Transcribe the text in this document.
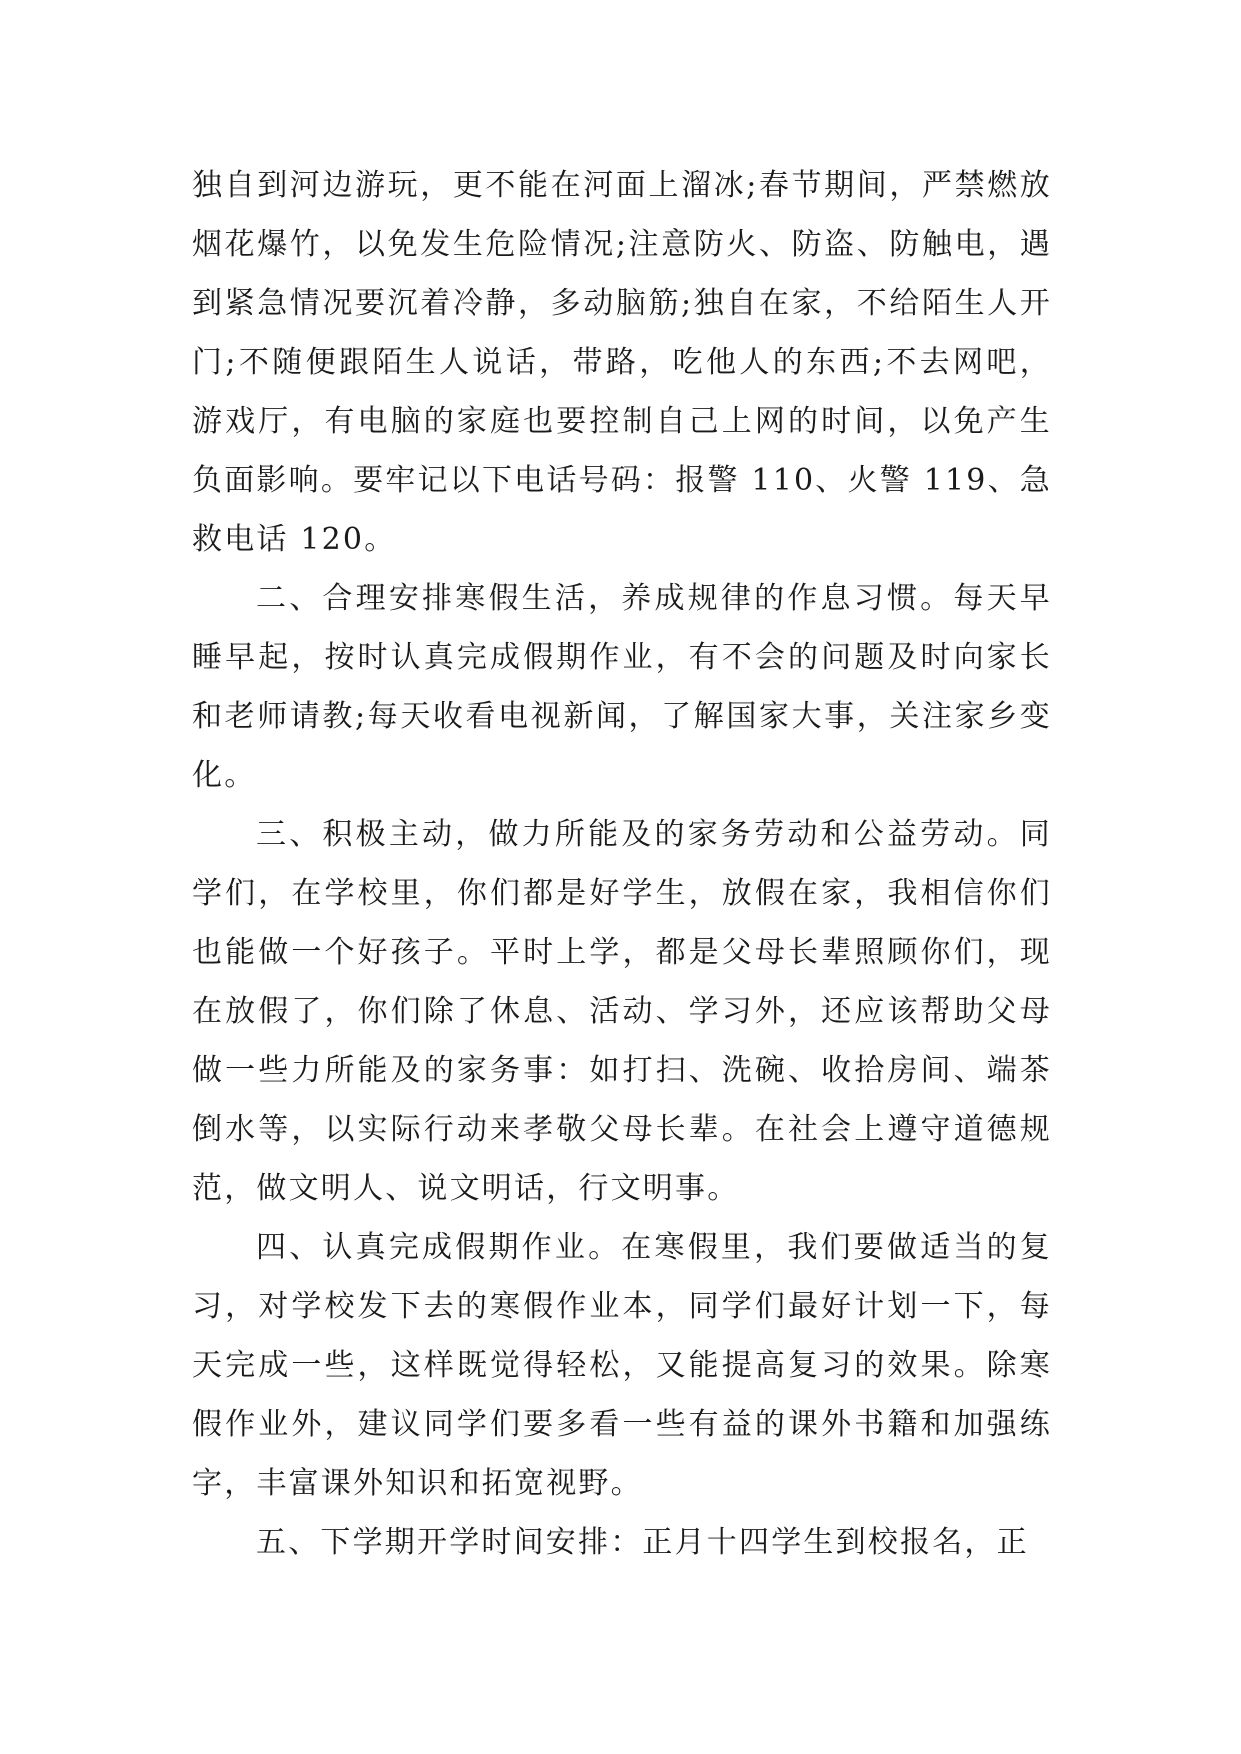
独自到河边游玩，更不能在河面上溜冰;春节期间，严禁燃放烟花爆竹，以免发生危险情况;注意防火、防盗、防触电，遇到紧急情况要沉着冷静，多动脑筋;独自在家，不给陌生人开门;不随便跟陌生人说话，带路，吃他人的东西;不去网吧，游戏厅，有电脑的家庭也要控制自己上网的时间，以免产生负面影响。要牢记以下电话号码：报警 110、火警 119、急救电话 120。

二、合理安排寒假生活，养成规律的作息习惯。每天早睡早起，按时认真完成假期作业，有不会的问题及时向家长和老师请教;每天收看电视新闻，了解国家大事，关注家乡变化。

三、积极主动，做力所能及的家务劳动和公益劳动。同学们，在学校里，你们都是好学生，放假在家，我相信你们也能做一个好孩子。平时上学，都是父母长辈照顾你们，现在放假了，你们除了休息、活动、学习外，还应该帮助父母做一些力所能及的家务事：如打扫、洗碗、收拾房间、端茶倒水等，以实际行动来孝敬父母长辈。在社会上遵守道德规范，做文明人、说文明话，行文明事。

四、认真完成假期作业。在寒假里，我们要做适当的复习，对学校发下去的寒假作业本，同学们最好计划一下，每天完成一些，这样既觉得轻松，又能提高复习的效果。除寒假作业外，建议同学们要多看一些有益的课外书籍和加强练字，丰富课外知识和拓宽视野。

五、下学期开学时间安排：正月十四学生到校报名，正
